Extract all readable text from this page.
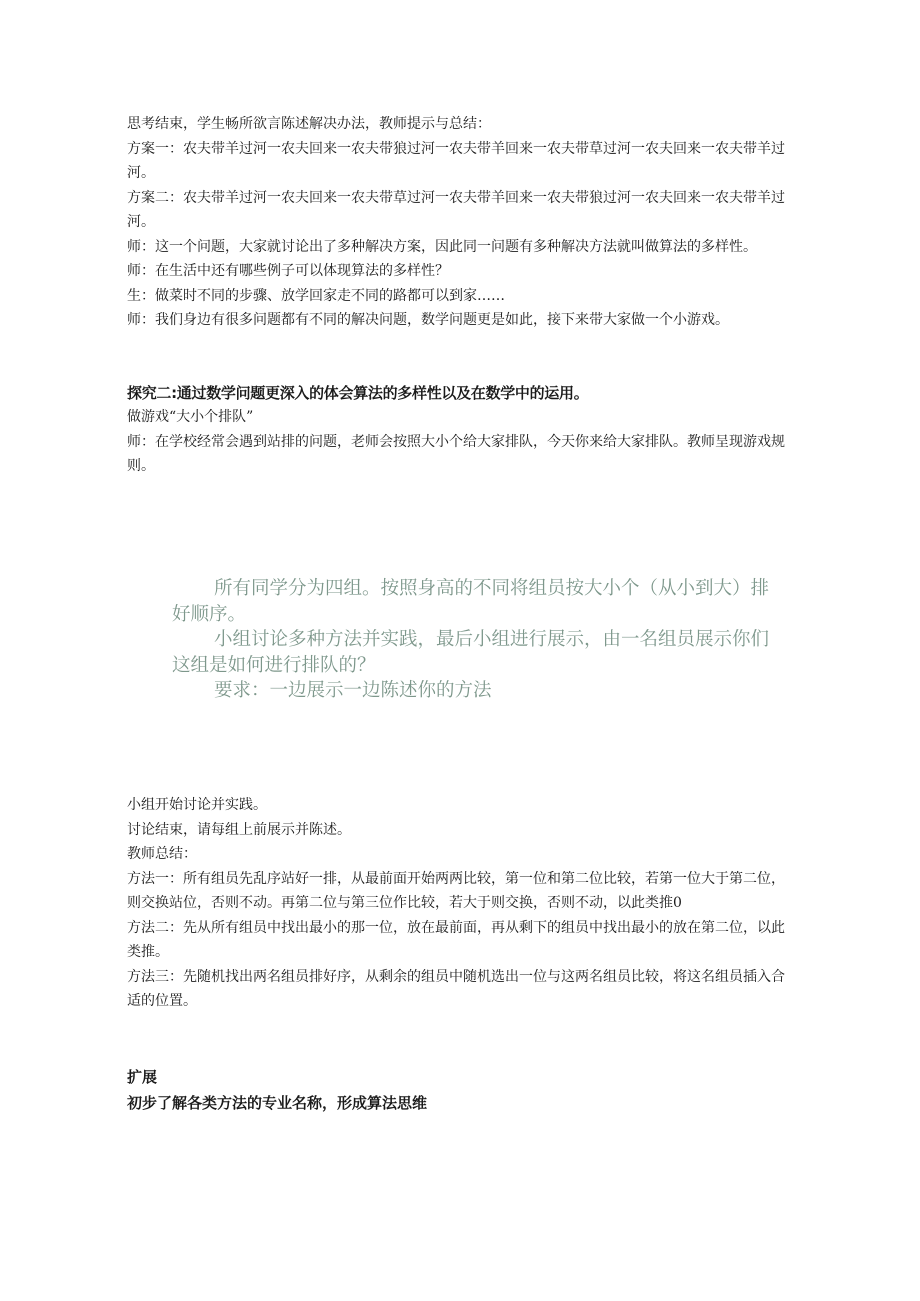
思考结束，学生畅所欲言陈述解决办法，教师提示与总结：

方案一：农夫带羊过河一农夫回来一农夫带狼过河一农夫带羊回来一农夫带草过河一农夫回来一农夫带羊过河。

方案二：农夫带羊过河一农夫回来一农夫带草过河一农夫带羊回来一农夫带狼过河一农夫回来一农夫带羊过河。

师：这一个问题，大家就讨论出了多种解决方案，因此同一问题有多种解决方法就叫做算法的多样性。

师：在生活中还有哪些例子可以体现算法的多样性？

生：做菜时不同的步骤、放学回家走不同的路都可以到家……

师：我们身边有很多问题都有不同的解决问题，数学问题更是如此，接下来带大家做一个小游戏。

探究二:通过数学问题更深入的体会算法的多样性以及在数学中的运用。

做游戏“大小个排队”

师：在学校经常会遇到站排的问题，老师会按照大小个给大家排队，今天你来给大家排队。教师呈现游戏规则。

所有同学分为四组。按照身高的不同将组员按大小个（从小到大）排好顺序。

小组讨论多种方法并实践，最后小组进行展示，由一名组员展示你们这组是如何进行排队的？

要求：一边展示一边陈述你的方法

小组开始讨论并实践。

讨论结束，请每组上前展示并陈述。

教师总结：

方法一：所有组员先乱序站好一排，从最前面开始两两比较，第一位和第二位比较，若第一位大于第二位，则交换站位，否则不动。再第二位与第三位作比较，若大于则交换，否则不动，以此类推0

方法二：先从所有组员中找出最小的那一位，放在最前面，再从剩下的组员中找出最小的放在第二位，以此类推。

方法三：先随机找出两名组员排好序，从剩余的组员中随机选出一位与这两名组员比较，将这名组员插入合适的位置。

扩展

初步了解各类方法的专业名称，形成算法思维
